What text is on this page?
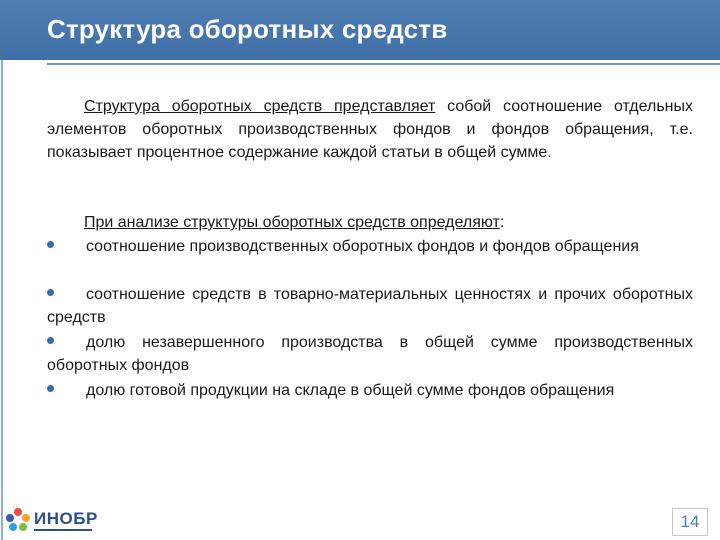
Структура оборотных средств
Структура оборотных средств представляет собой соотношение отдельных элементов оборотных производственных фондов и фондов обращения, т.е. показывает процентное содержание каждой статьи в общей сумме.
При анализе структуры оборотных средств определяют:
соотношение производственных оборотных фондов и фондов обращения
соотношение средств в товарно-материальных ценностях и прочих оборотных средств
долю незавершенного производства в общей сумме производственных оборотных фондов
долю готовой продукции на складе в общей сумме фондов обращения
ИНОБР	14
